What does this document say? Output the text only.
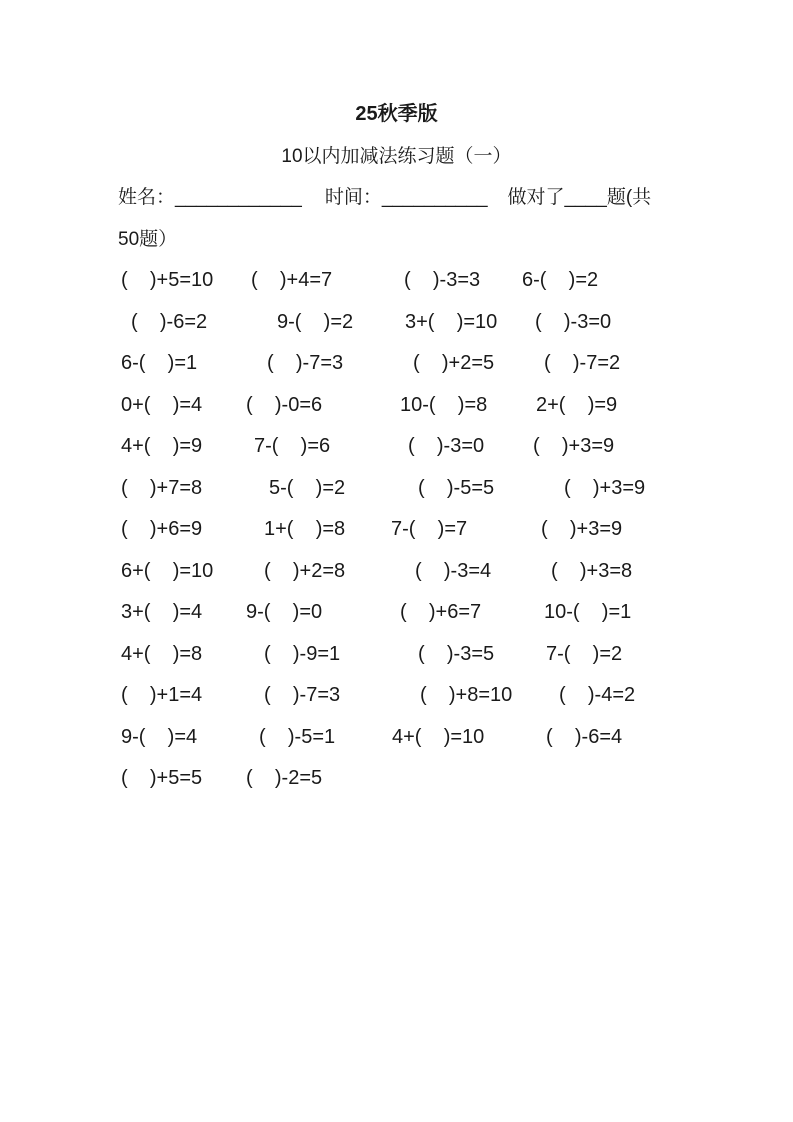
25秋季版
10以内加减法练习题（一）
姓名：____________ 时间：__________ 做对了____题(共
50题）
(    )+5=10 (    )+4=7	(    )-3=3 6-(    )=2
(    )-6=2	9-(    )=2	3+(    )=10 (    )-3=0
6-(    )=1	(    )-7=3	(    )+2=5 (    )-7=2
0+(    )=4 (    )-0=6	10-(    )=8 2+(    )=9
4+(    )=9	7-(    )=6	(    )-3=0 (    )+3=9
(    )+7=8	5-(    )=2	(    )-5=5	(    )+3=9
(    )+6=9	1+(    )=8 7-(    )=7	(    )+3=9
6+(    )=10	(    )+2=8	(    )-3=4	(    )+3=8
3+(    )=4 9-(    )=0	(    )+6=7	10-(    )=1
4+(    )=8	(    )-9=1	(    )-3=5	7-(    )=2
(    )+1=4	(    )-7=3	(    )+8=10 (    )-4=2
9-(    )=4	(    )-5=1	4+(    )=10	(    )-6=4
(    )+5=5 (    )-2=5
